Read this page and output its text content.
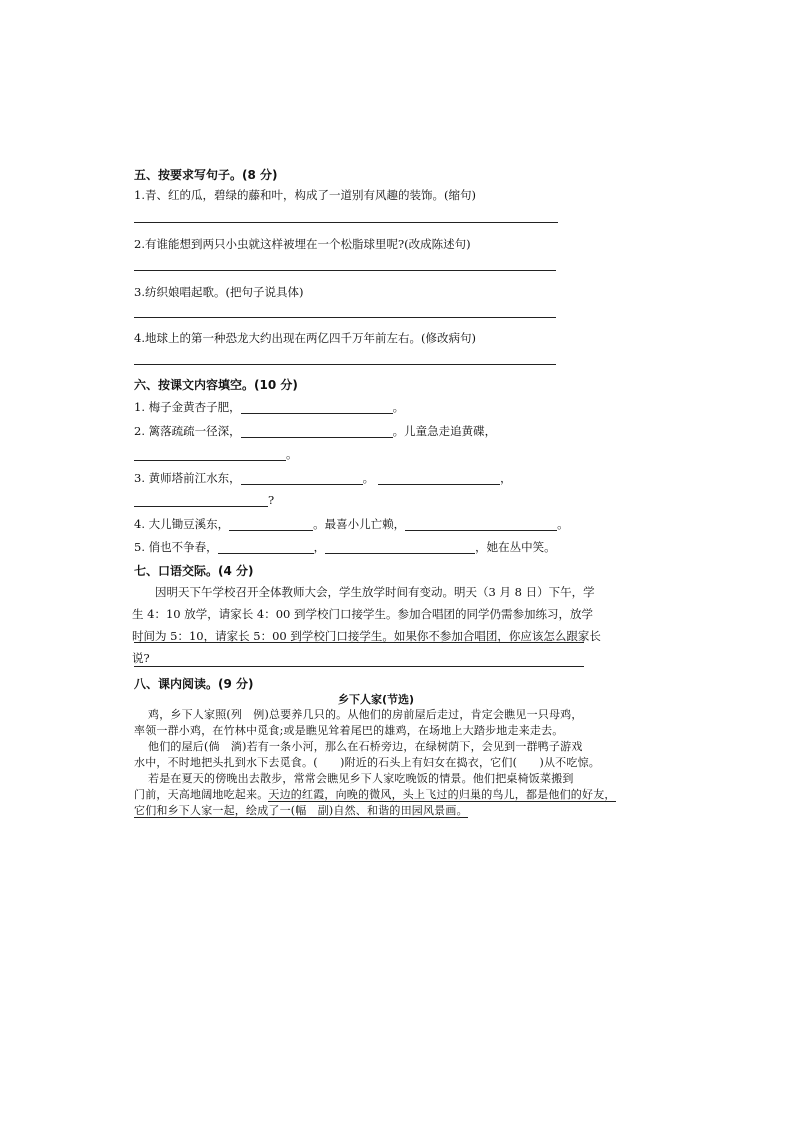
五、按要求写句子。(8 分)
1.青、红的瓜，碧绿的藤和叶，构成了一道别有风趣的装饰。(缩句)
2.有谁能想到两只小虫就这样被埋在一个松脂球里呢?(改成陈述句)
3.纺织娘唱起歌。(把句子说具体)
4.地球上的第一种恐龙大约出现在两亿四千万年前左右。(修改病句)
六、按课文内容填空。(10 分)
1. 梅子金黄杏子肥，	。
2. 篱落疏疏一径深，	。儿童急走追黄碟，
。
3. 黄师塔前江水东，	。	，
?
4. 大儿锄豆溪东，	。最喜小儿亡赖，	。
5. 俏也不争春，	，	，她在丛中笑。
七、口语交际。(4 分)
因明天下午学校召开全体教师大会，学生放学时间有变动。明天（3 月 8 日）下午，学生 4：10 放学，请家长 4：00 到学校门口接学生。参加合唱团的同学仍需参加练习，放学时间为 5：10，请家长 5：00 到学校门口接学生。如果你不参加合唱团，你应该怎么跟家长说?
八、课内阅读。(9 分)
乡下人家(节选)
鸡，乡下人家照(列　例)总要养几只的。从他们的房前屋后走过，肯定会瞧见一只母鸡，
率领一群小鸡，在竹林中觅食;或是瞧见耸着尾巴的雄鸡，在场地上大踏步地走来走去。
他们的屋后(倘　淌)若有一条小河，那么在石桥旁边，在绿树荫下，会见到一群鸭子游戏
水中，不时地把头扎到水下去觅食。(　　)附近的石头上有妇女在捣衣，它们(　　)从不吃惊。
若是在夏天的傍晚出去散步，常常会瞧见乡下人家吃晚饭的情景。他们把桌椅饭菜搬到
门前，天高地阔地吃起来。天边的红霞，向晚的微风，头上飞过的归巢的鸟儿，都是他们的好友，
它们和乡下人家一起，绘成了一(幅　副)自然、和谐的田园风景画。
